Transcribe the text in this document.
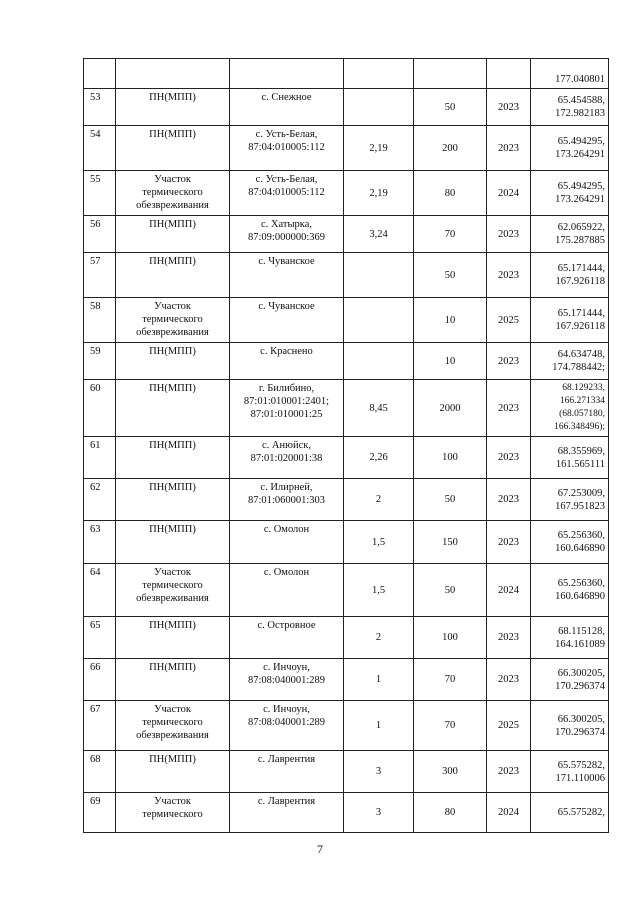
						177.040801
53	ПН(МПП)	с. Снежное		50	2023	65.454588,
172.982183
54	ПН(МПП)	с. Усть-Белая,
87:04:010005:112	2,19	200	2023	65.494295,
173.264291
55	Участок
термического
обезвреживания	с. Усть-Белая,
87:04:010005:112	2,19	80	2024	65.494295,
173.264291
56	ПН(МПП)	с. Хатырка,
87:09:000000:369	3,24	70	2023	62.065922,
175.287885
57	ПН(МПП)	с. Чуванское		50	2023	65.171444,
167.926118
58	Участок
термического
обезвреживания	с. Чуванское		10	2025	65.171444,
167.926118
59	ПН(МПП)	с. Краснено		10	2023	64.634748,
174.788442;
60	ПН(МПП)	г. Билибино,
87:01:010001:2401;
87:01:010001:25	8,45	2000	2023	68.129233,
166.271334
(68.057180,
166.348496);
61	ПН(МПП)	с. Анюйск,
87:01:020001:38	2,26	100	2023	68.355969,
161.565111
62	ПН(МПП)	с. Илирней,
87:01:060001:303	2	50	2023	67.253009,
167.951823
63	ПН(МПП)	с. Омолон	1,5	150	2023	65.256360,
160.646890
64	Участок
термического
обезвреживания	с. Омолон	1,5	50	2024	65.256360,
160.646890
65	ПН(МПП)	с. Островное	2	100	2023	68.115128,
164.161089
66	ПН(МПП)	с. Инчоун,
87:08:040001:289	1	70	2023	66.300205,
170.296374
67	Участок
термического
обезвреживания	с. Инчоун,
87:08:040001:289	1	70	2025	66.300205,
170.296374
68	ПН(МПП)	с. Лаврентия	3	300	2023	65.575282,
171.110006
69	Участок
термического	с. Лаврентия	3	80	2024	65.575282,
7
